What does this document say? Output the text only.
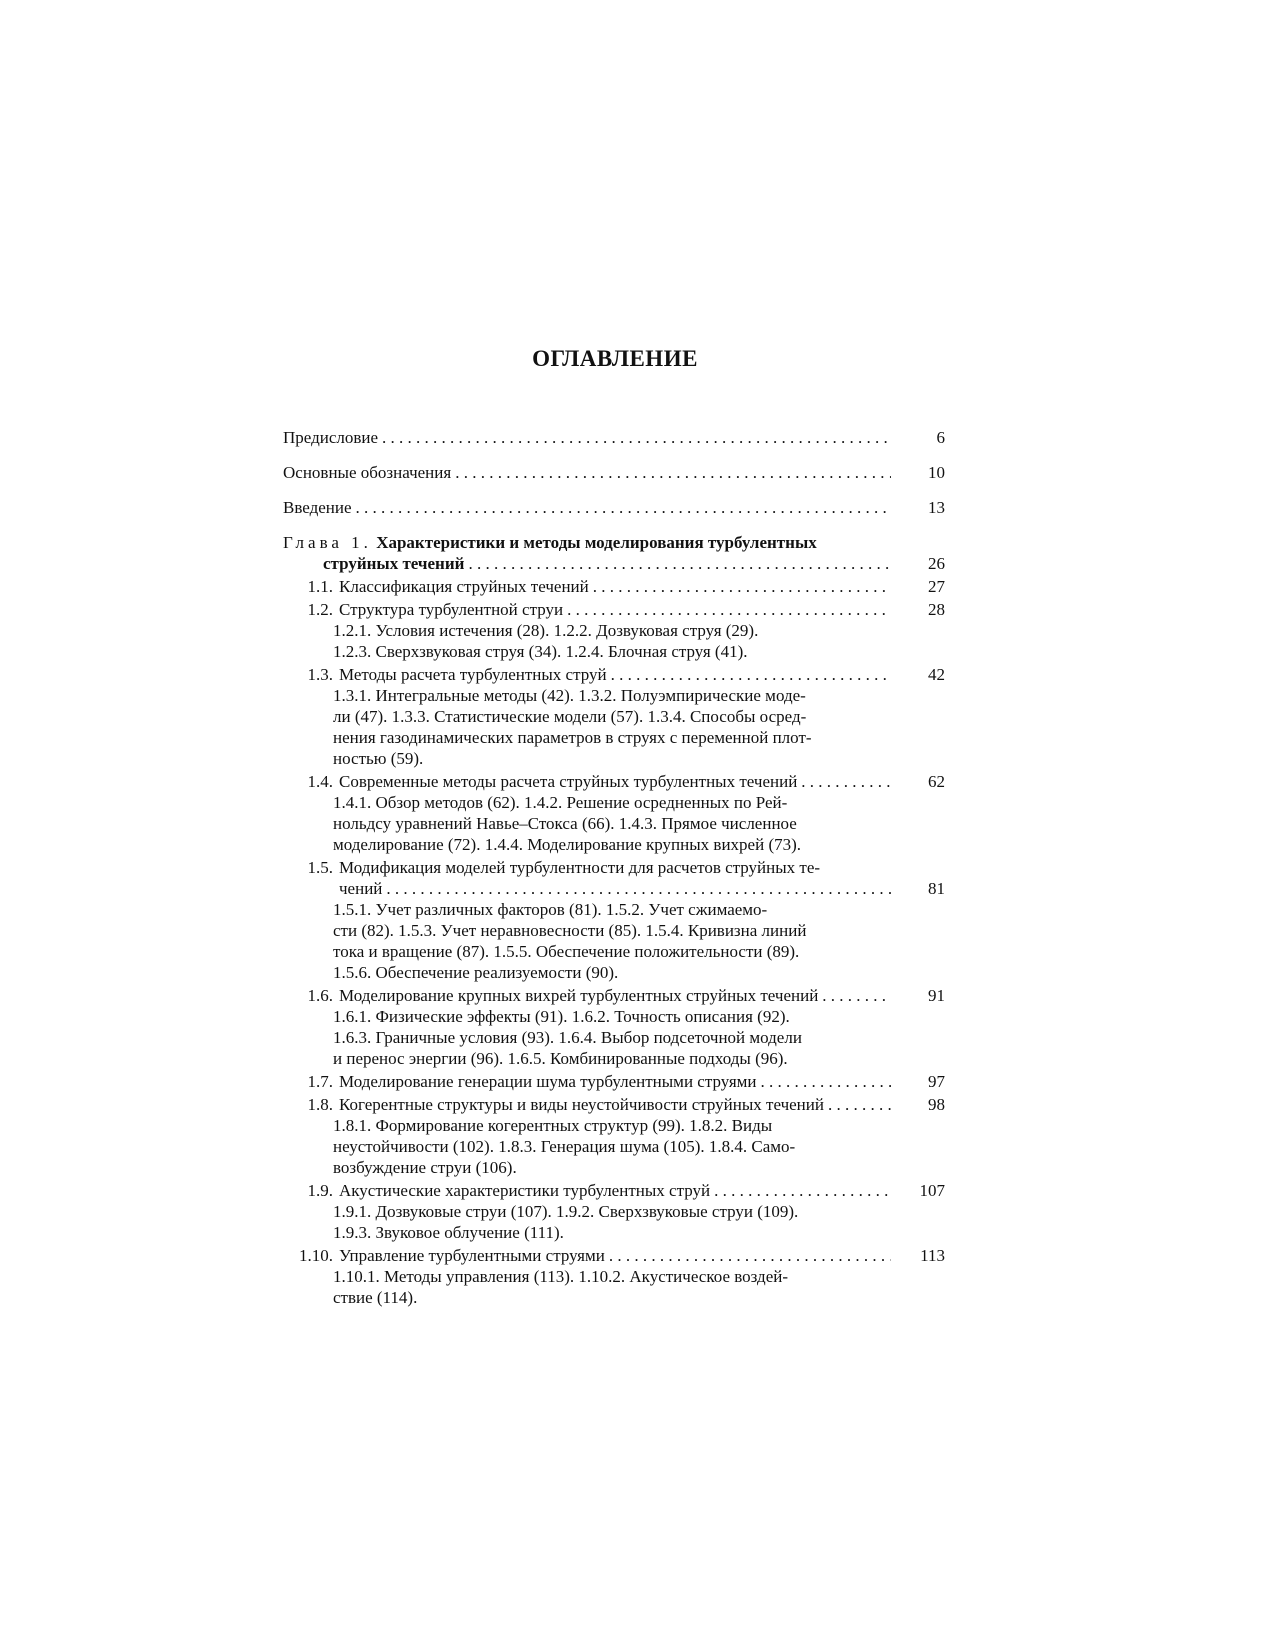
ОГЛАВЛЕНИЕ
Предисловие . . .	6
Основные обозначения . . .	10
Введение . . .	13
Глава 1. Характеристики и методы моделирования турбулентных
струйных течений . . .	26
1.1. Классификация струйных течений . . .	27
1.2. Структура турбулентной струи . . .	28
1.2.1. Условия истечения (28). 1.2.2. Дозвуковая струя (29).
1.2.3. Сверхзвуковая струя (34). 1.2.4. Блочная струя (41).
1.3. Методы расчета турбулентных струй . . .	42
1.3.1. Интегральные методы (42). 1.3.2. Полуэмпирические моде-
ли (47). 1.3.3. Статистические модели (57). 1.3.4. Способы осред-
нения газодинамических параметров в струях с переменной плот-
ностью (59).
1.4. Современные методы расчета струйных турбулентных течений . . .	62
1.4.1. Обзор методов (62). 1.4.2. Решение осредненных по Рей-
нольдсу уравнений Навье–Стокса (66). 1.4.3. Прямое численное
моделирование (72). 1.4.4. Моделирование крупных вихрей (73).
1.5. Модификация моделей турбулентности для расчетов струйных те-
чений . . .	81
1.5.1. Учет различных факторов (81). 1.5.2. Учет сжимаемо-
сти (82). 1.5.3. Учет неравновесности (85). 1.5.4. Кривизна линий
тока и вращение (87). 1.5.5. Обеспечение положительности (89).
1.5.6. Обеспечение реализуемости (90).
1.6. Моделирование крупных вихрей турбулентных струйных течений . . .	91
1.6.1. Физические эффекты (91). 1.6.2. Точность описания (92).
1.6.3. Граничные условия (93). 1.6.4. Выбор подсеточной модели
и перенос энергии (96). 1.6.5. Комбинированные подходы (96).
1.7. Моделирование генерации шума турбулентными струями . . .	97
1.8. Когерентные структуры и виды неустойчивости струйных течений . . .	98
1.8.1. Формирование когерентных структур (99). 1.8.2. Виды
неустойчивости (102). 1.8.3. Генерация шума (105). 1.8.4. Само-
возбуждение струи (106).
1.9. Акустические характеристики турбулентных струй . . .	107
1.9.1. Дозвуковые струи (107). 1.9.2. Сверхзвуковые струи (109).
1.9.3. Звуковое облучение (111).
1.10. Управление турбулентными струями . . .	113
1.10.1. Методы управления (113). 1.10.2. Акустическое воздей-
ствие (114).
